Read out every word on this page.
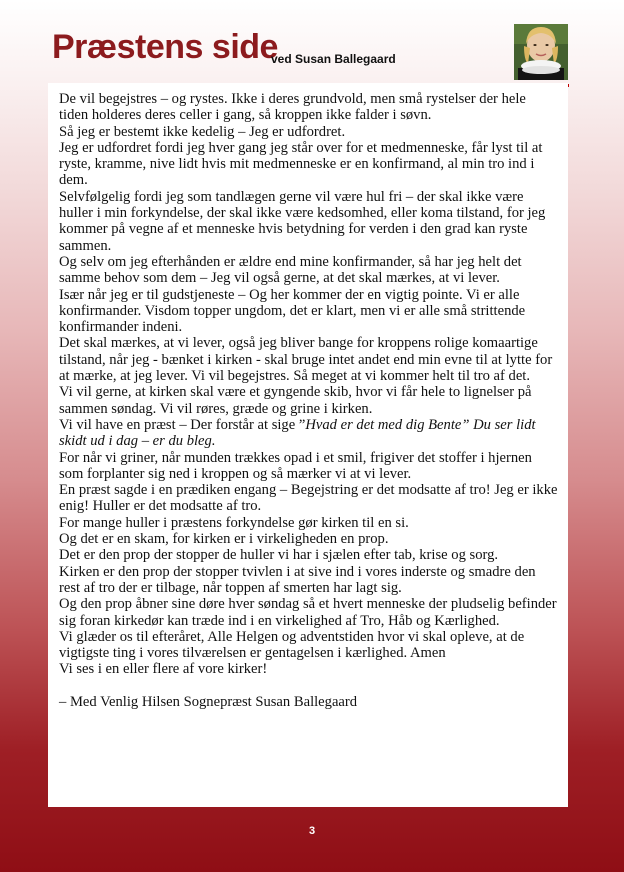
Præstens side
ved Susan Ballegaard

De vil begejstres – og rystes. Ikke i deres grundvold, men små rystelser der hele tiden holderes deres celler i gang, så kroppen ikke falder i søvn.

Så jeg er bestemt ikke kedelig – Jeg er udfordret.

Jeg er udfordret fordi jeg hver gang jeg står over for et medmenneske, får lyst til at ryste, kramme, nive lidt hvis mit medmenneske er en konfirmand, al min tro ind i dem.

Selvfølgelig fordi jeg som tandlægen gerne vil være hul fri – der skal ikke være huller i min forkyndelse, der skal ikke være kedsomhed, eller koma tilstand, for jeg kommer på vegne af et menneske hvis betydning for verden i den grad kan ryste sammen.

Og selv om jeg efterhånden er ældre end mine konfirmander, så har jeg helt det samme behov som dem – Jeg vil også gerne, at det skal mærkes, at vi lever.

Især når jeg er til gudstjeneste – Og her kommer der en vigtig pointe. Vi er alle konfirmander. Visdom topper ungdom, det er klart, men vi er alle små strittende konfirmander indeni.

Det skal mærkes, at vi lever, også jeg bliver bange for kroppens rolige komaartige tilstand, når jeg - bænket i kirken - skal bruge intet andet end min evne til at lytte for at mærke, at jeg lever. Vi vil begejstres. Så meget at vi kommer helt til tro af det.

Vi vil gerne, at kirken skal være et gyngende skib, hvor vi får hele to lignelser på sammen søndag. Vi vil røres, græde og grine i kirken.

Vi vil have en præst – Der forstår at sige ”Hvad er det med dig Bente” Du ser lidt skidt ud i dag – er du bleg.

For når vi griner, når munden trækkes opad i et smil, frigiver det stoffer i hjernen som forplanter sig ned i kroppen og så mærker vi at vi lever.

En præst sagde i en prædiken engang – Begejstring er det modsatte af tro! Jeg er ikke enig! Huller er det modsatte af tro.

For mange huller i præstens forkyndelse gør kirken til en si.

Og det er en skam, for kirken er i virkeligheden en prop.

Det er den prop der stopper de huller vi har i sjælen efter tab, krise og sorg.

Kirken er den prop der stopper tvivlen i at sive ind i vores inderste og smadre den rest af tro der er tilbage, når toppen af smerten har lagt sig.

Og den prop åbner sine døre hver søndag så et hvert menneske der pludselig befinder sig foran kirkedør kan træde ind i en virkelighed af Tro, Håb og Kærlighed.

Vi glæder os til efteråret, Alle Helgen og adventstiden hvor vi skal opleve, at de vigtigste ting i vores tilværelsen er gentagelsen i kærlighed. Amen

Vi ses i en eller flere af vore kirker!

– Med Venlig Hilsen Sognepræst Susan Ballegaard

3
